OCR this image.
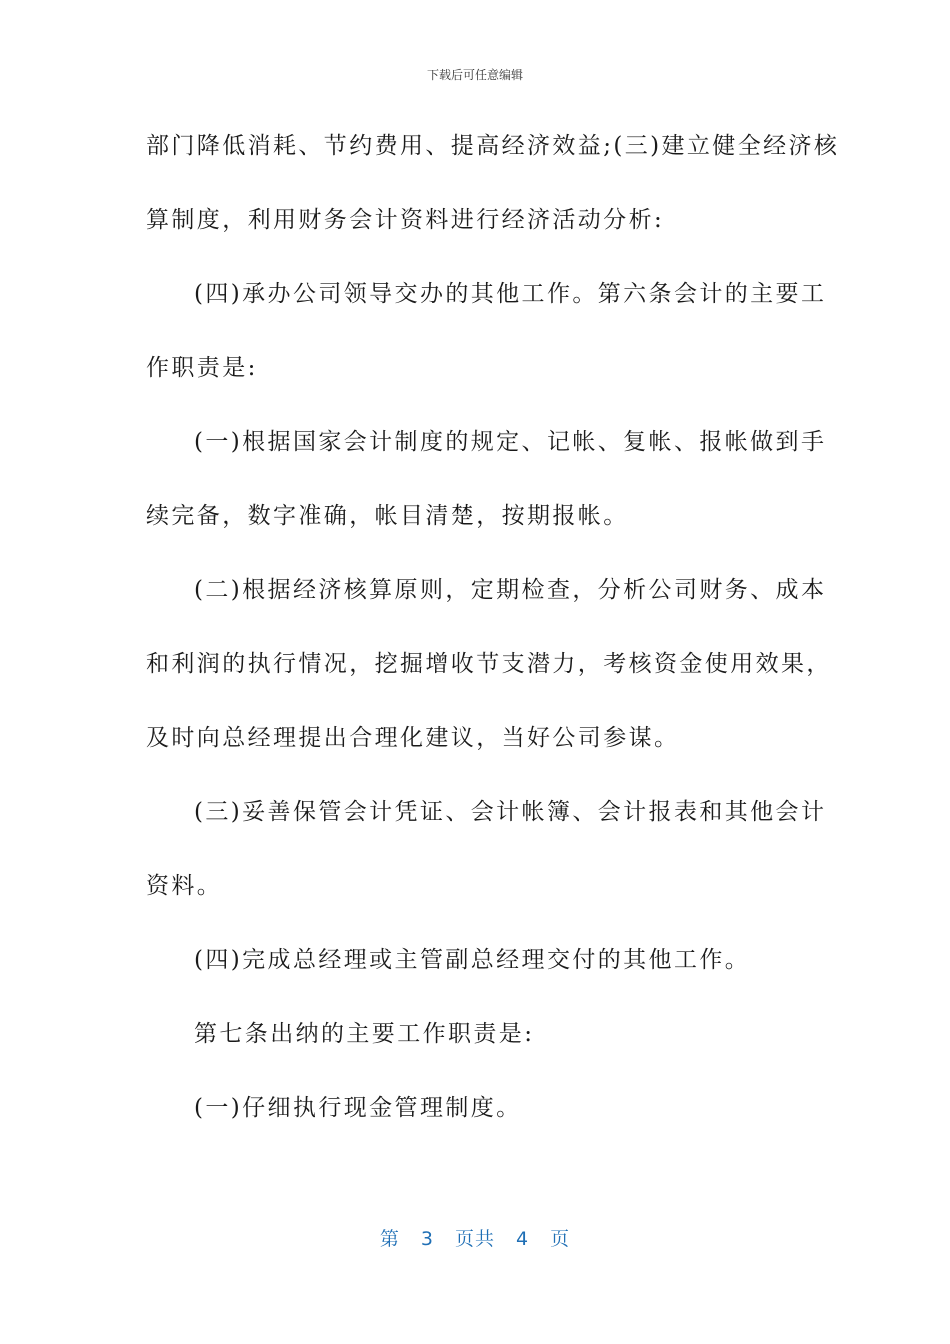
下载后可任意编辑
部门降低消耗、节约费用、提高经济效益;(三)建立健全经济核
算制度，利用财务会计资料进行经济活动分析:
(四)承办公司领导交办的其他工作。第六条会计的主要工
作职责是:
(一)根据国家会计制度的规定、记帐、复帐、报帐做到手
续完备，数字准确，帐目清楚，按期报帐。
(二)根据经济核算原则，定期检查，分析公司财务、成本
和利润的执行情况，挖掘增收节支潜力，考核资金使用效果，
及时向总经理提出合理化建议，当好公司参谋。
(三)妥善保管会计凭证、会计帐簿、会计报表和其他会计
资料。
(四)完成总经理或主管副总经理交付的其他工作。
第七条出纳的主要工作职责是:
(一)仔细执行现金管理制度。
第 3 页共 4 页
